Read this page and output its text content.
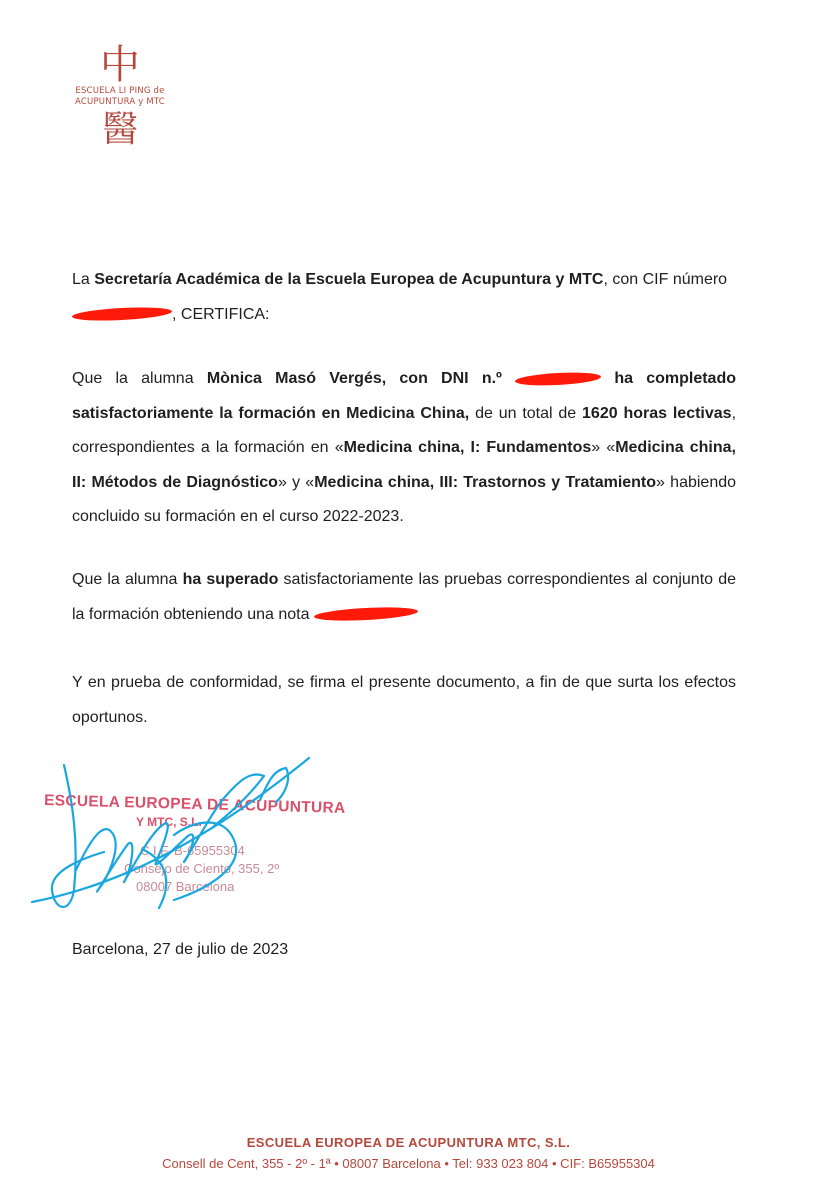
中
ESCUELA LI PING de
ACUPUNTURA y MTC
醫
La Secretaría Académica de la Escuela Europea de Acupuntura y MTC, con CIF número
, CERTIFICA:
Que la alumna Mònica Masó Vergés, con DNI n.º	ha completado satisfactoriamente la formación en Medicina China, de un total de 1620 horas lectivas, correspondientes a la formación en «Medicina china, I: Fundamentos» «Medicina china, II: Métodos de Diagnóstico» y «Medicina china, III: Trastornos y Tratamiento» habiendo concluido su formación en el curso 2022-2023.
Que la alumna ha superado satisfactoriamente las pruebas correspondientes al conjunto de la formación obteniendo una nota
Y en prueba de conformidad, se firma el presente documento, a fin de que surta los efectos oportunos.
ESCUELA EUROPEA DE ACUPUNTURA
Y MTC, S.L.
C.I.F. B-65955304
Consejo de Ciento, 355, 2º
08007 Barcelona
Barcelona, 27 de julio de 2023
ESCUELA EUROPEA DE ACUPUNTURA MTC, S.L.
Consell de Cent, 355 - 2º - 1ª • 08007 Barcelona • Tel: 933 023 804 • CIF: B65955304
